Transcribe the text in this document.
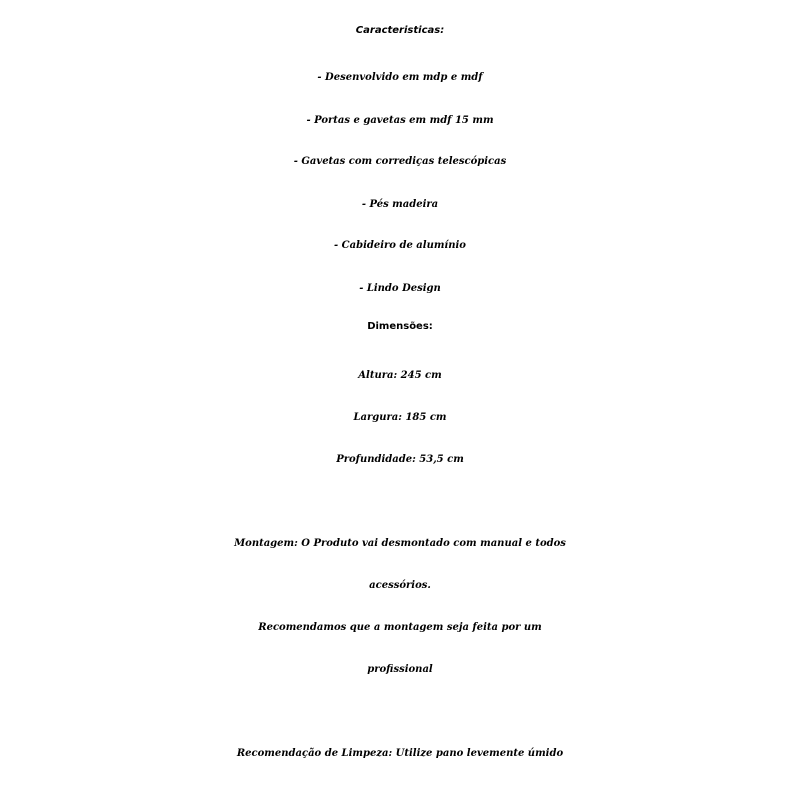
Caracteristicas:
- Desenvolvido em mdp e mdf
- Portas e gavetas em mdf 15 mm
- Gavetas com corrediças telescópicas
- Pés madeira
- Cabideiro de alumínio
- Lindo Design
Dimensões:
Altura: 245 cm
Largura: 185 cm
Profundidade: 53,5 cm
Montagem: O Produto vai desmontado com manual e todos
acessórios.
Recomendamos que a montagem seja feita por um
profissional
Recomendação de Limpeza: Utilize pano levemente úmido
